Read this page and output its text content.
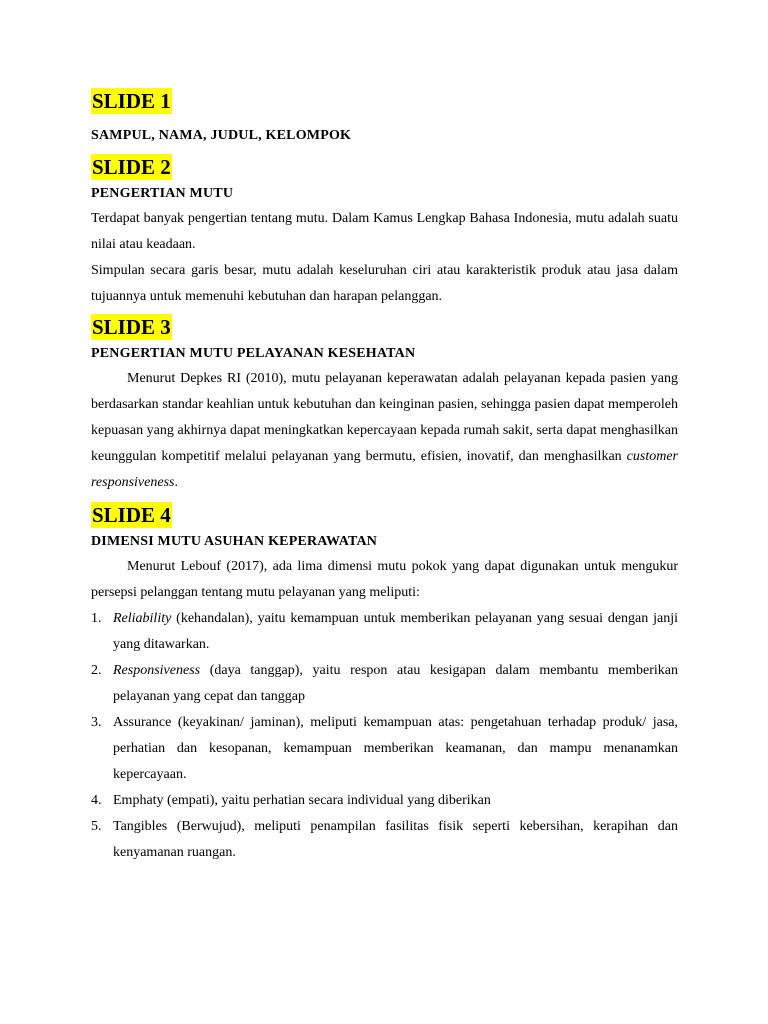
SLIDE 1
SAMPUL, NAMA, JUDUL, KELOMPOK
SLIDE 2
PENGERTIAN MUTU

Terdapat banyak pengertian tentang mutu. Dalam Kamus Lengkap Bahasa Indonesia, mutu adalah suatu nilai atau keadaan.

Simpulan secara garis besar, mutu adalah keseluruhan ciri atau karakteristik produk atau jasa dalam tujuannya untuk memenuhi kebutuhan dan harapan pelanggan.

SLIDE 3
PENGERTIAN MUTU PELAYANAN KESEHATAN

Menurut Depkes RI (2010), mutu pelayanan keperawatan adalah pelayanan kepada pasien yang berdasarkan standar keahlian untuk kebutuhan dan keinginan pasien, sehingga pasien dapat memperoleh kepuasan yang akhirnya dapat meningkatkan kepercayaan kepada rumah sakit, serta dapat menghasilkan keunggulan kompetitif melalui pelayanan yang bermutu, efisien, inovatif, dan menghasilkan customer responsiveness.

SLIDE 4
DIMENSI MUTU ASUHAN KEPERAWATAN

Menurut Lebouf (2017), ada lima dimensi mutu pokok yang dapat digunakan untuk mengukur persepsi pelanggan tentang mutu pelayanan yang meliputi:

1. Reliability (kehandalan), yaitu kemampuan untuk memberikan pelayanan yang sesuai dengan janji yang ditawarkan.
2. Responsiveness (daya tanggap), yaitu respon atau kesigapan dalam membantu memberikan pelayanan yang cepat dan tanggap
3. Assurance (keyakinan/ jaminan), meliputi kemampuan atas: pengetahuan terhadap produk/ jasa, perhatian dan kesopanan, kemampuan memberikan keamanan, dan mampu menanamkan kepercayaan.
4. Emphaty (empati), yaitu perhatian secara individual yang diberikan
5. Tangibles (Berwujud), meliputi penampilan fasilitas fisik seperti kebersihan, kerapihan dan kenyamanan ruangan.
